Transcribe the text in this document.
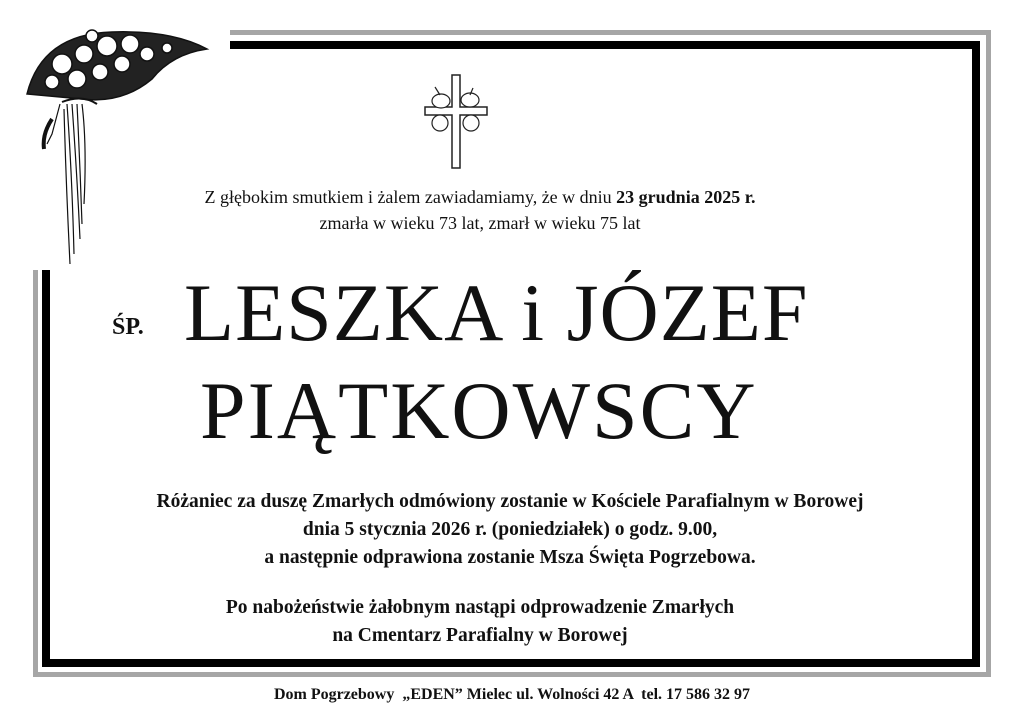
Z głębokim smutkiem i żalem zawiadamiamy, że w dniu 23 grudnia 2025 r.
zmarła w wieku 73 lat, zmarł w wieku 75 lat
ŚP. LESZKA i JÓZEF
PIĄTKOWSCY
Różaniec za duszę Zmarłych odmówiony zostanie w Kościele Parafialnym w Borowej
dnia 5 stycznia 2026 r. (poniedziałek) o godz. 9.00,
a następnie odprawiona zostanie Msza Święta Pogrzebowa.
Po nabożeństwie żałobnym nastąpi odprowadzenie Zmarłych
na Cmentarz Parafialny w Borowej
Dom Pogrzebowy  „EDEN” Mielec ul. Wolności 42 A  tel. 17 586 32 97
